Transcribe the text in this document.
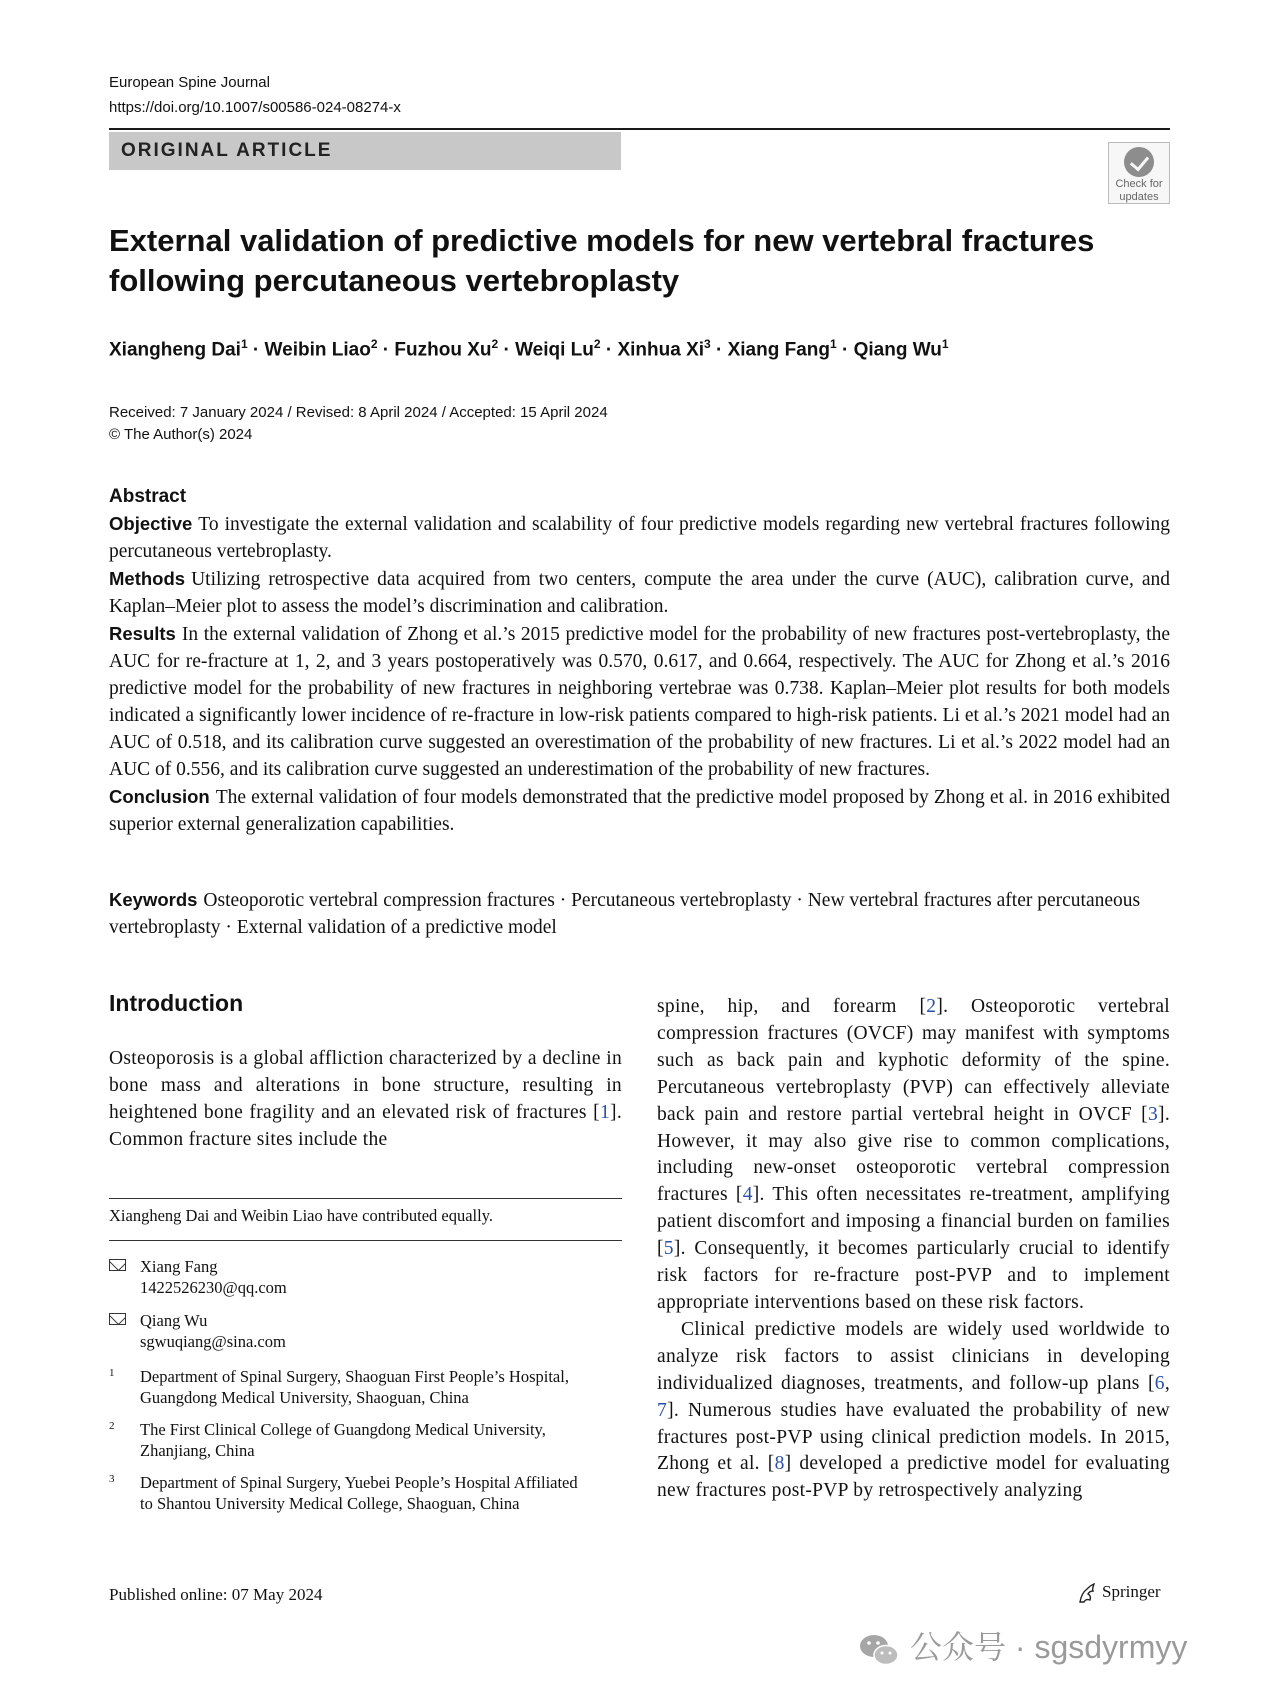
European Spine Journal
https://doi.org/10.1007/s00586-024-08274-x
ORIGINAL ARTICLE
Check for
updates
External validation of predictive models for new vertebral fractures
following percutaneous vertebroplasty
Xiangheng Dai$^1$ · Weibin Liao$^2$ · Fuzhou $Xu^2$ · Weiqi $Lu^2$ · Xinhua $Xi^3$ · Xiang Fang$^1$ · Qiang Wu$^1$
Received: 7 January 2024 / Revised: 8 April 2024 / Accepted: 15 April 2024
© The Author(s) 2024
Abstract

Objective To investigate the external validation and scalability of four predictive models regarding new vertebral fractures following percutaneous vertebroplasty.

Methods Utilizing retrospective data acquired from two centers, compute the area under the curve (AUC), calibration curve, and Kaplan–Meier plot to assess the model’s discrimination and calibration.

Results In the external validation of Zhong et al.’s 2015 predictive model for the probability of new fractures post-vertebroplasty, the AUC for re-fracture at 1, 2, and 3 years postoperatively was 0.570, 0.617, and 0.664, respectively. The AUC for Zhong et al.’s 2016 predictive model for the probability of new fractures in neighboring vertebrae was 0.738. Kaplan–Meier plot results for both models indicated a significantly lower incidence of re-fracture in low-risk patients compared to high-risk patients. Li et al.’s 2021 model had an AUC of 0.518, and its calibration curve suggested an overestimation of the probability of new fractures. Li et al.’s 2022 model had an AUC of 0.556, and its calibration curve suggested an underestimation of the probability of new fractures.

Conclusion The external validation of four models demonstrated that the predictive model proposed by Zhong et al. in 2016 exhibited superior external generalization capabilities.

Keywords Osteoporotic vertebral compression fractures · Percutaneous vertebroplasty · New vertebral fractures after percutaneous vertebroplasty · External validation of a predictive model
Introduction
Osteoporosis is a global affliction characterized by a decline in bone mass and alterations in bone structure, resulting in heightened bone fragility and an elevated risk of fractures [1]. Common fracture sites include the

spine, hip, and forearm [2]. Osteoporotic vertebral compression fractures (OVCF) may manifest with symptoms such as back pain and kyphotic deformity of the spine. Percutaneous vertebroplasty (PVP) can effectively alleviate back pain and restore partial vertebral height in OVCF [3]. However, it may also give rise to common complications, including new-onset osteoporotic vertebral compression fractures [4]. This often necessitates re-treatment, amplifying patient discomfort and imposing a financial burden on families [5]. Consequently, it becomes particularly crucial to identify risk factors for re-fracture post-PVP and to implement appropriate interventions based on these risk factors.

Clinical predictive models are widely used worldwide to analyze risk factors to assist clinicians in developing individualized diagnoses, treatments, and follow-up plans [6, 7]. Numerous studies have evaluated the probability of new fractures post-PVP using clinical prediction models. In 2015, Zhong et al. [8] developed a predictive model for evaluating new fractures post-PVP by retrospectively analyzing

Xiangheng Dai and Weibin Liao have contributed equally.
Xiang Fang
1422526230@qq.com
Qiang Wu
sgwuqiang@sina.com
1 Department of Spinal Surgery, Shaoguan First People’s Hospital, Guangdong Medical University, Shaoguan, China
2 The First Clinical College of Guangdong Medical University, Zhanjiang, China
3 Department of Spinal Surgery, Yuebei People’s Hospital Affiliated to Shantou University Medical College, Shaoguan, China
Published online: 07 May 2024	Springer
公众号 · sgsdyrmyy
